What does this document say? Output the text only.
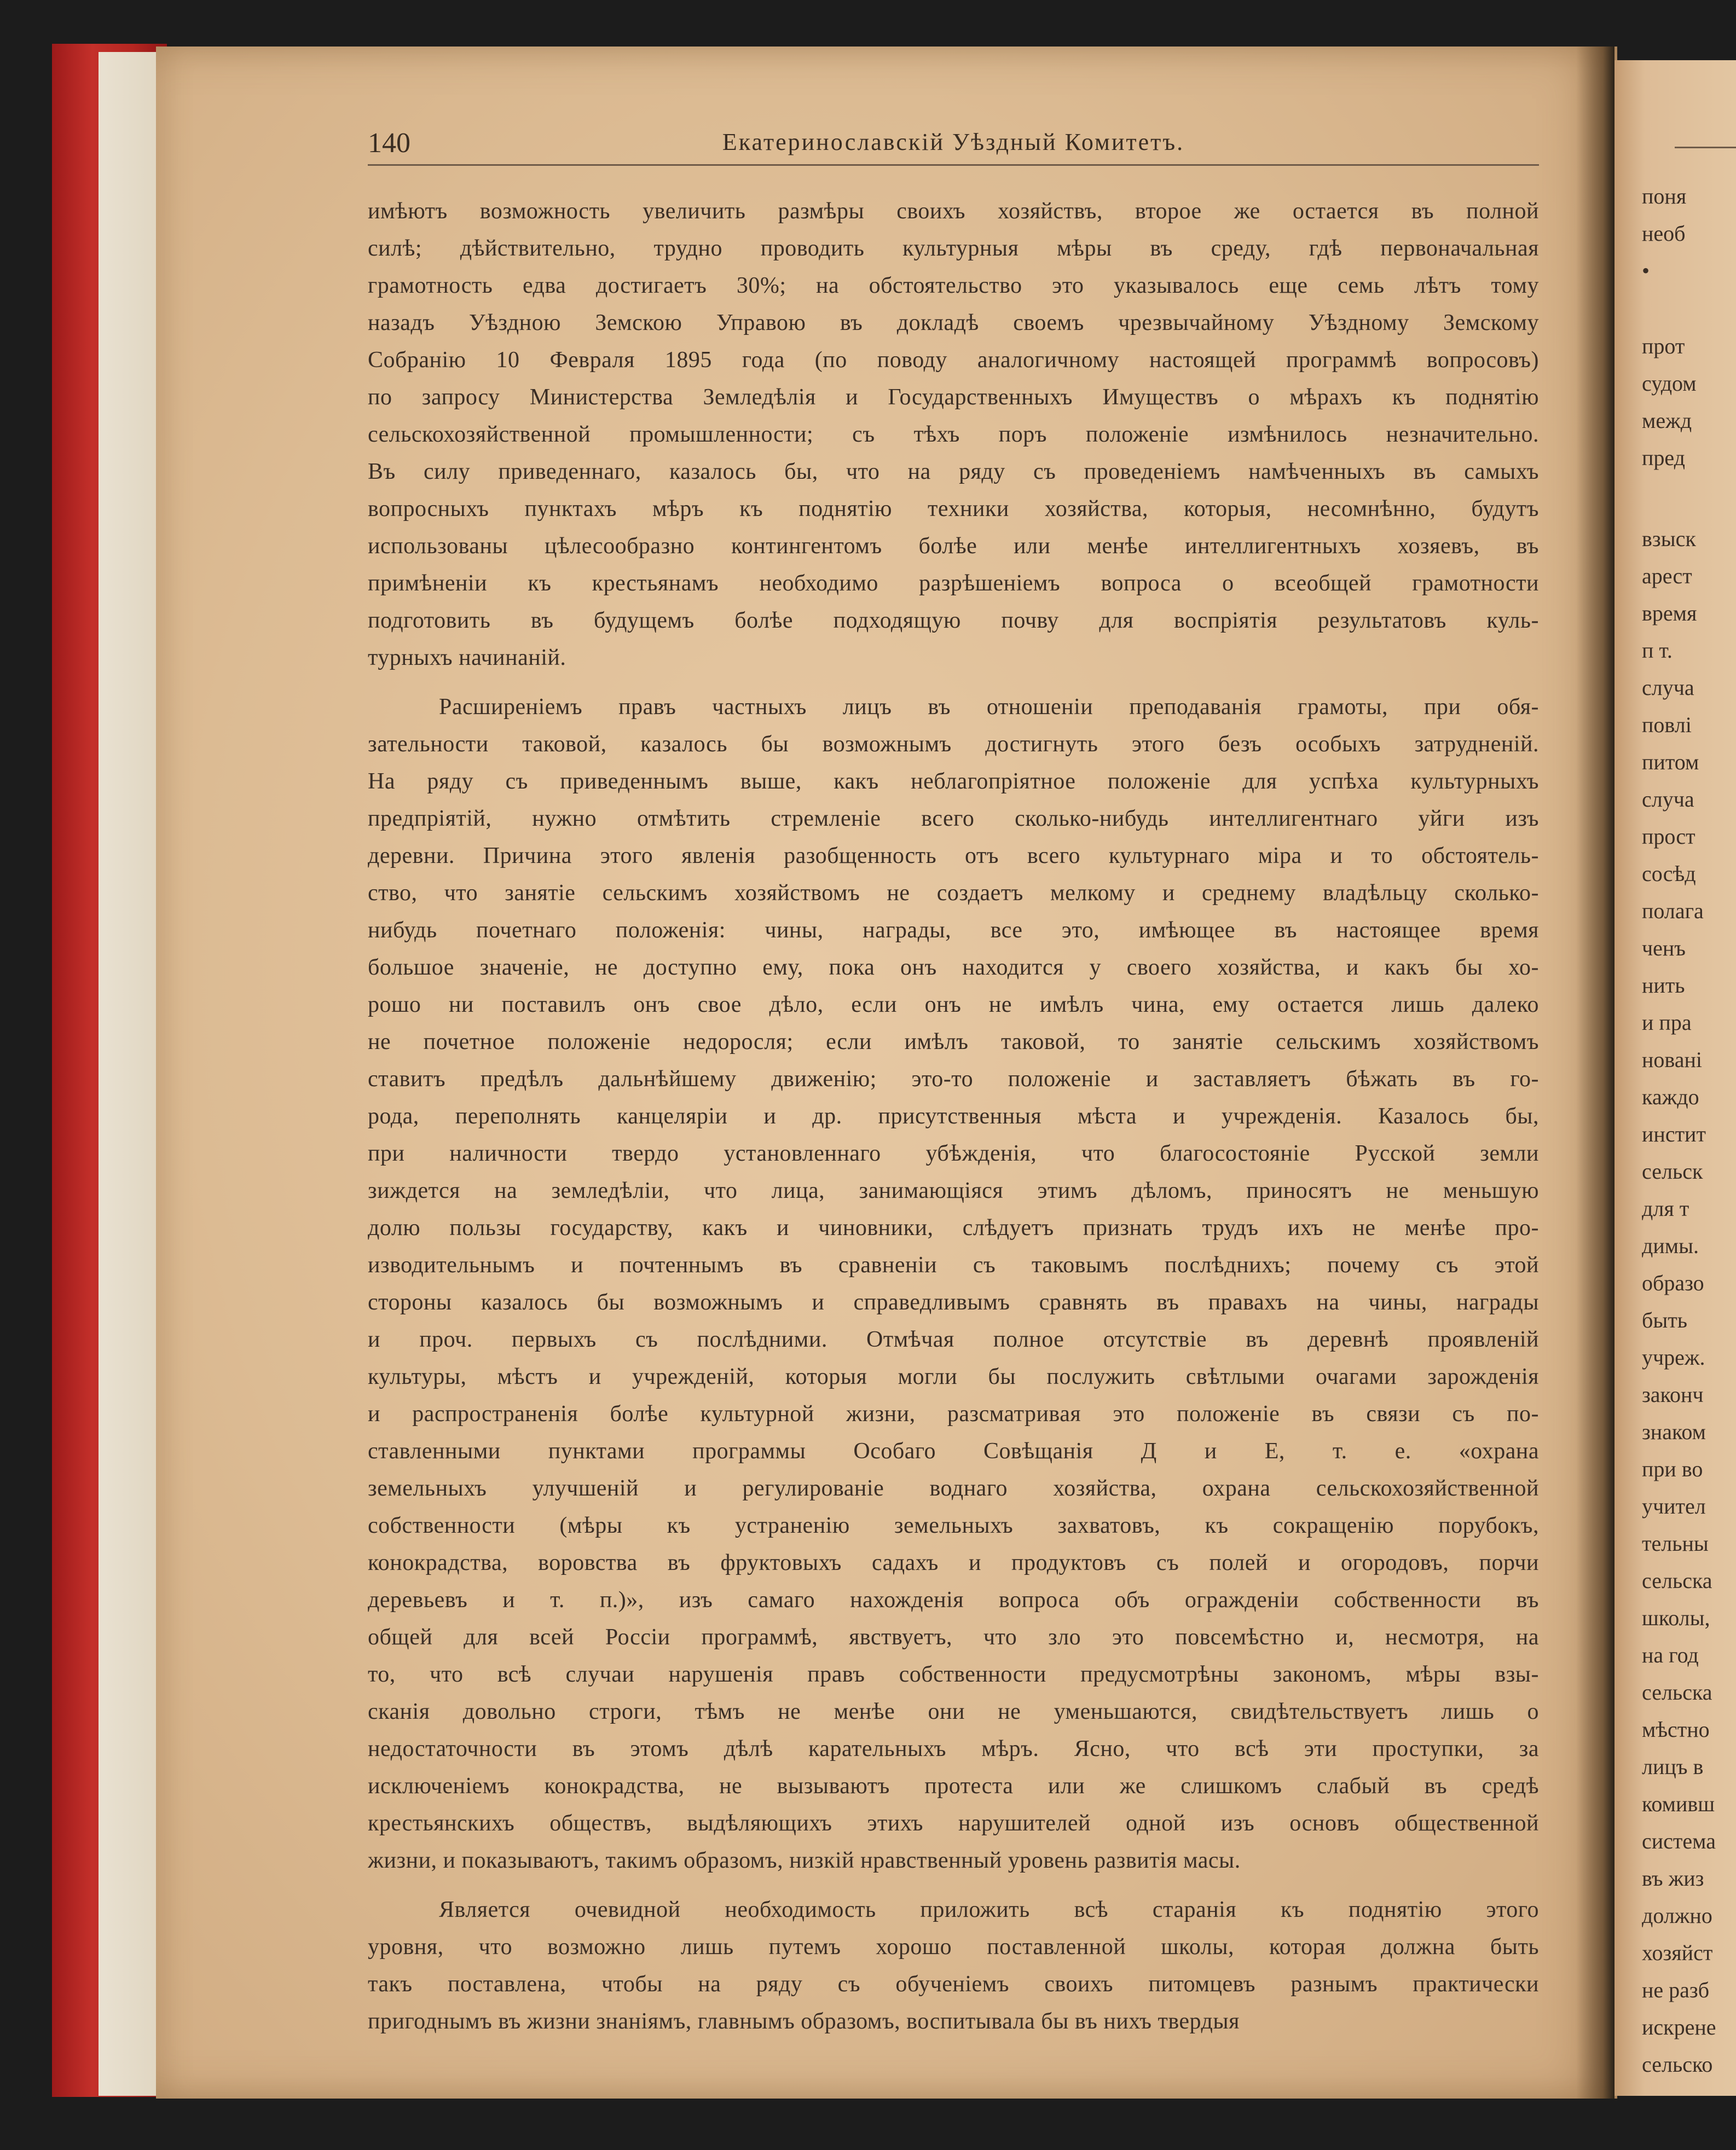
140	Екатеринославскій Уѣздный Комитетъ.
имѣютъ возможность увеличить размѣры своихъ хозяйствъ, второе же остается въ полной
силѣ; дѣйствительно, трудно проводить культурныя мѣры въ среду, гдѣ первоначальная
грамотность едва достигаетъ 30%; на обстоятельство это указывалось еще семь лѣтъ тому
назадъ Уѣздною Земскою Управою въ докладѣ своемъ чрезвычайному Уѣздному Земскому
Собранію 10 Февраля 1895 года (по поводу аналогичному настоящей программѣ вопросовъ)
по запросу Министерства Земледѣлія и Государственныхъ Имуществъ о мѣрахъ къ поднятію
сельскохозяйственной промышленности; съ тѣхъ поръ положеніе измѣнилось незначительно.
Въ силу приведеннаго, казалось бы, что на ряду съ проведеніемъ намѣченныхъ въ самыхъ
вопросныхъ пунктахъ мѣръ къ поднятію техники хозяйства, которыя, несомнѣнно, будутъ
использованы цѣлесообразно контингентомъ болѣе или менѣе интеллигентныхъ хозяевъ, въ
примѣненіи къ крестьянамъ необходимо разрѣшеніемъ вопроса о всеобщей грамотности
подготовить въ будущемъ болѣе подходящую почву для воспріятія результатовъ куль-
турныхъ начинаній.
Расширеніемъ правъ частныхъ лицъ въ отношеніи преподаванія грамоты, при обя-
зательности таковой, казалось бы возможнымъ достигнуть этого безъ особыхъ затрудненій.
На ряду съ приведеннымъ выше, какъ неблагопріятное положеніе для успѣха культурныхъ
предпріятій, нужно отмѣтить стремленіе всего сколько-нибудь интеллигентнаго уйги изъ
деревни. Причина этого явленія разобщенность отъ всего культурнаго міра и то обстоятель-
ство, что занятіе сельскимъ хозяйствомъ не создаетъ мелкому и среднему владѣльцу сколько-
нибудь почетнаго положенія: чины, награды, все это, имѣющее въ настоящее время
большое значеніе, не доступно ему, пока онъ находится у своего хозяйства, и какъ бы хо-
рошо ни поставилъ онъ свое дѣло, если онъ не имѣлъ чина, ему остается лишь далеко
не почетное положеніе недоросля; если имѣлъ таковой, то занятіе сельскимъ хозяйствомъ
ставитъ предѣлъ дальнѣйшему движенію; это-то положеніе и заставляетъ бѣжать въ го-
рода, переполнять канцеляріи и др. присутственныя мѣста и учрежденія. Казалось бы,
при наличности твердо установленнаго убѣжденія, что благосостояніе Русской земли
зиждется на земледѣліи, что лица, занимающіяся этимъ дѣломъ, приносятъ не меньшую
долю пользы государству, какъ и чиновники, слѣдуетъ признать трудъ ихъ не менѣе про-
изводительнымъ и почтеннымъ въ сравненіи съ таковымъ послѣднихъ; почему съ этой
стороны казалось бы возможнымъ и справедливымъ сравнять въ правахъ на чины, награды
и проч. первыхъ съ послѣдними. Отмѣчая полное отсутствіе въ деревнѣ проявленій
культуры, мѣстъ и учрежденій, которыя могли бы послужить свѣтлыми очагами зарожденія
и распространенія болѣе культурной жизни, разсматривая это положеніе въ связи съ по-
ставленными пунктами программы Особаго Совѣщанія Д и Е, т. е. «охрана
земельныхъ улучшеній и регулированіе воднаго хозяйства, охрана сельскохозяйственной
собственности (мѣры къ устраненію земельныхъ захватовъ, къ сокращенію порубокъ,
конокрадства, воровства въ фруктовыхъ садахъ и продуктовъ съ полей и огородовъ, порчи
деревьевъ и т. п.)», изъ самаго нахожденія вопроса объ огражденіи собственности въ
общей для всей Россіи программѣ, явствуетъ, что зло это повсемѣстно и, несмотря, на
то, что всѣ случаи нарушенія правъ собственности предусмотрѣны закономъ, мѣры взы-
сканія довольно строги, тѣмъ не менѣе они не уменьшаются, свидѣтельствуетъ лишь о
недостаточности въ этомъ дѣлѣ карательныхъ мѣръ. Ясно, что всѣ эти проступки, за
исключеніемъ конокрадства, не вызываютъ протеста или же слишкомъ слабый въ средѣ
крестьянскихъ обществъ, выдѣляющихъ этихъ нарушителей одной изъ основъ общественной
жизни, и показываютъ, такимъ образомъ, низкій нравственный уровень развитія масы.
Является очевидной необходимость приложить всѣ старанія къ поднятію этого
уровня, что возможно лишь путемъ хорошо поставленной школы, которая должна быть
такъ поставлена, чтобы на ряду съ обученіемъ своихъ питомцевъ разнымъ практически
пригоднымъ въ жизни знаніямъ, главнымъ образомъ, воспитывала бы въ нихъ твердыя
поня
необ
•
прот
судом
межд
пред
взыск
арест
время
п т.
случа
повлі
питом
случа
прост
сосѣд
полага
ченъ
нить
и пра
новані
каждо
инстит
сельск
для т
димы.
образо
быть
учреж.
законч
знаком
при во
учител
тельны
сельска
школы,
на год
сельска
мѣстно
лицъ в
комивш
система
въ жиз
должно
хозяйст
не разб
искрене
сельско
